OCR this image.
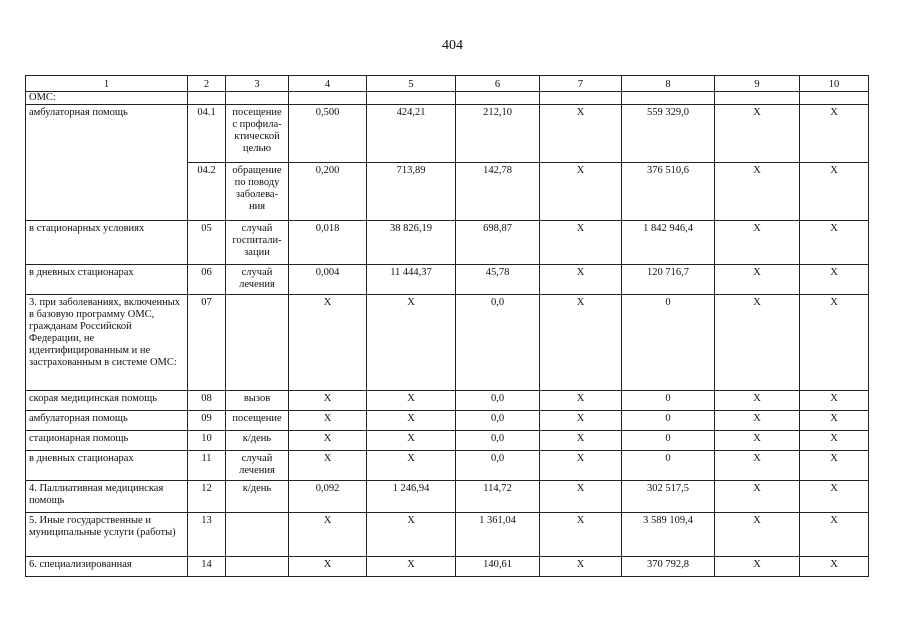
404
1	2	3	4	5	6	7	8	9	10
ОМС:									
амбулаторная помощь	04.1	посещение с профила-ктической целью	0,500	424,21	212,10	Х	559 329,0	Х	Х
	04.2	обращение по поводу заболева-ния	0,200	713,89	142,78	Х	376 510,6	Х	Х
в стационарных условиях	05	случай госпитали-зации	0,018	38 826,19	698,87	Х	1 842 946,4	Х	Х
в дневных стационарах	06	случай лечения	0,004	11 444,37	45,78	Х	120 716,7	Х	Х
3. при заболеваниях, включенных в базовую программу ОМС, гражданам Российской Федерации, не идентифицированным и не застрахованным в системе ОМС:	07		Х	Х	0,0	Х	0	Х	Х
скорая медицинская помощь	08	вызов	Х	Х	0,0	Х	0	Х	Х
амбулаторная помощь	09	посещение	Х	Х	0,0	Х	0	Х	Х
стационарная помощь	10	к/день	Х	Х	0,0	Х	0	Х	Х
в дневных стационарах	11	случай лечения	Х	Х	0,0	Х	0	Х	Х
4. Паллиативная медицинская помощь	12	к/день	0,092	1 246,94	114,72	Х	302 517,5	Х	Х
5. Иные государственные и муниципальные услуги (работы)	13		Х	Х	1 361,04	Х	3 589 109,4	Х	Х
6. специализированная	14		Х	Х	140,61	Х	370 792,8	Х	Х
